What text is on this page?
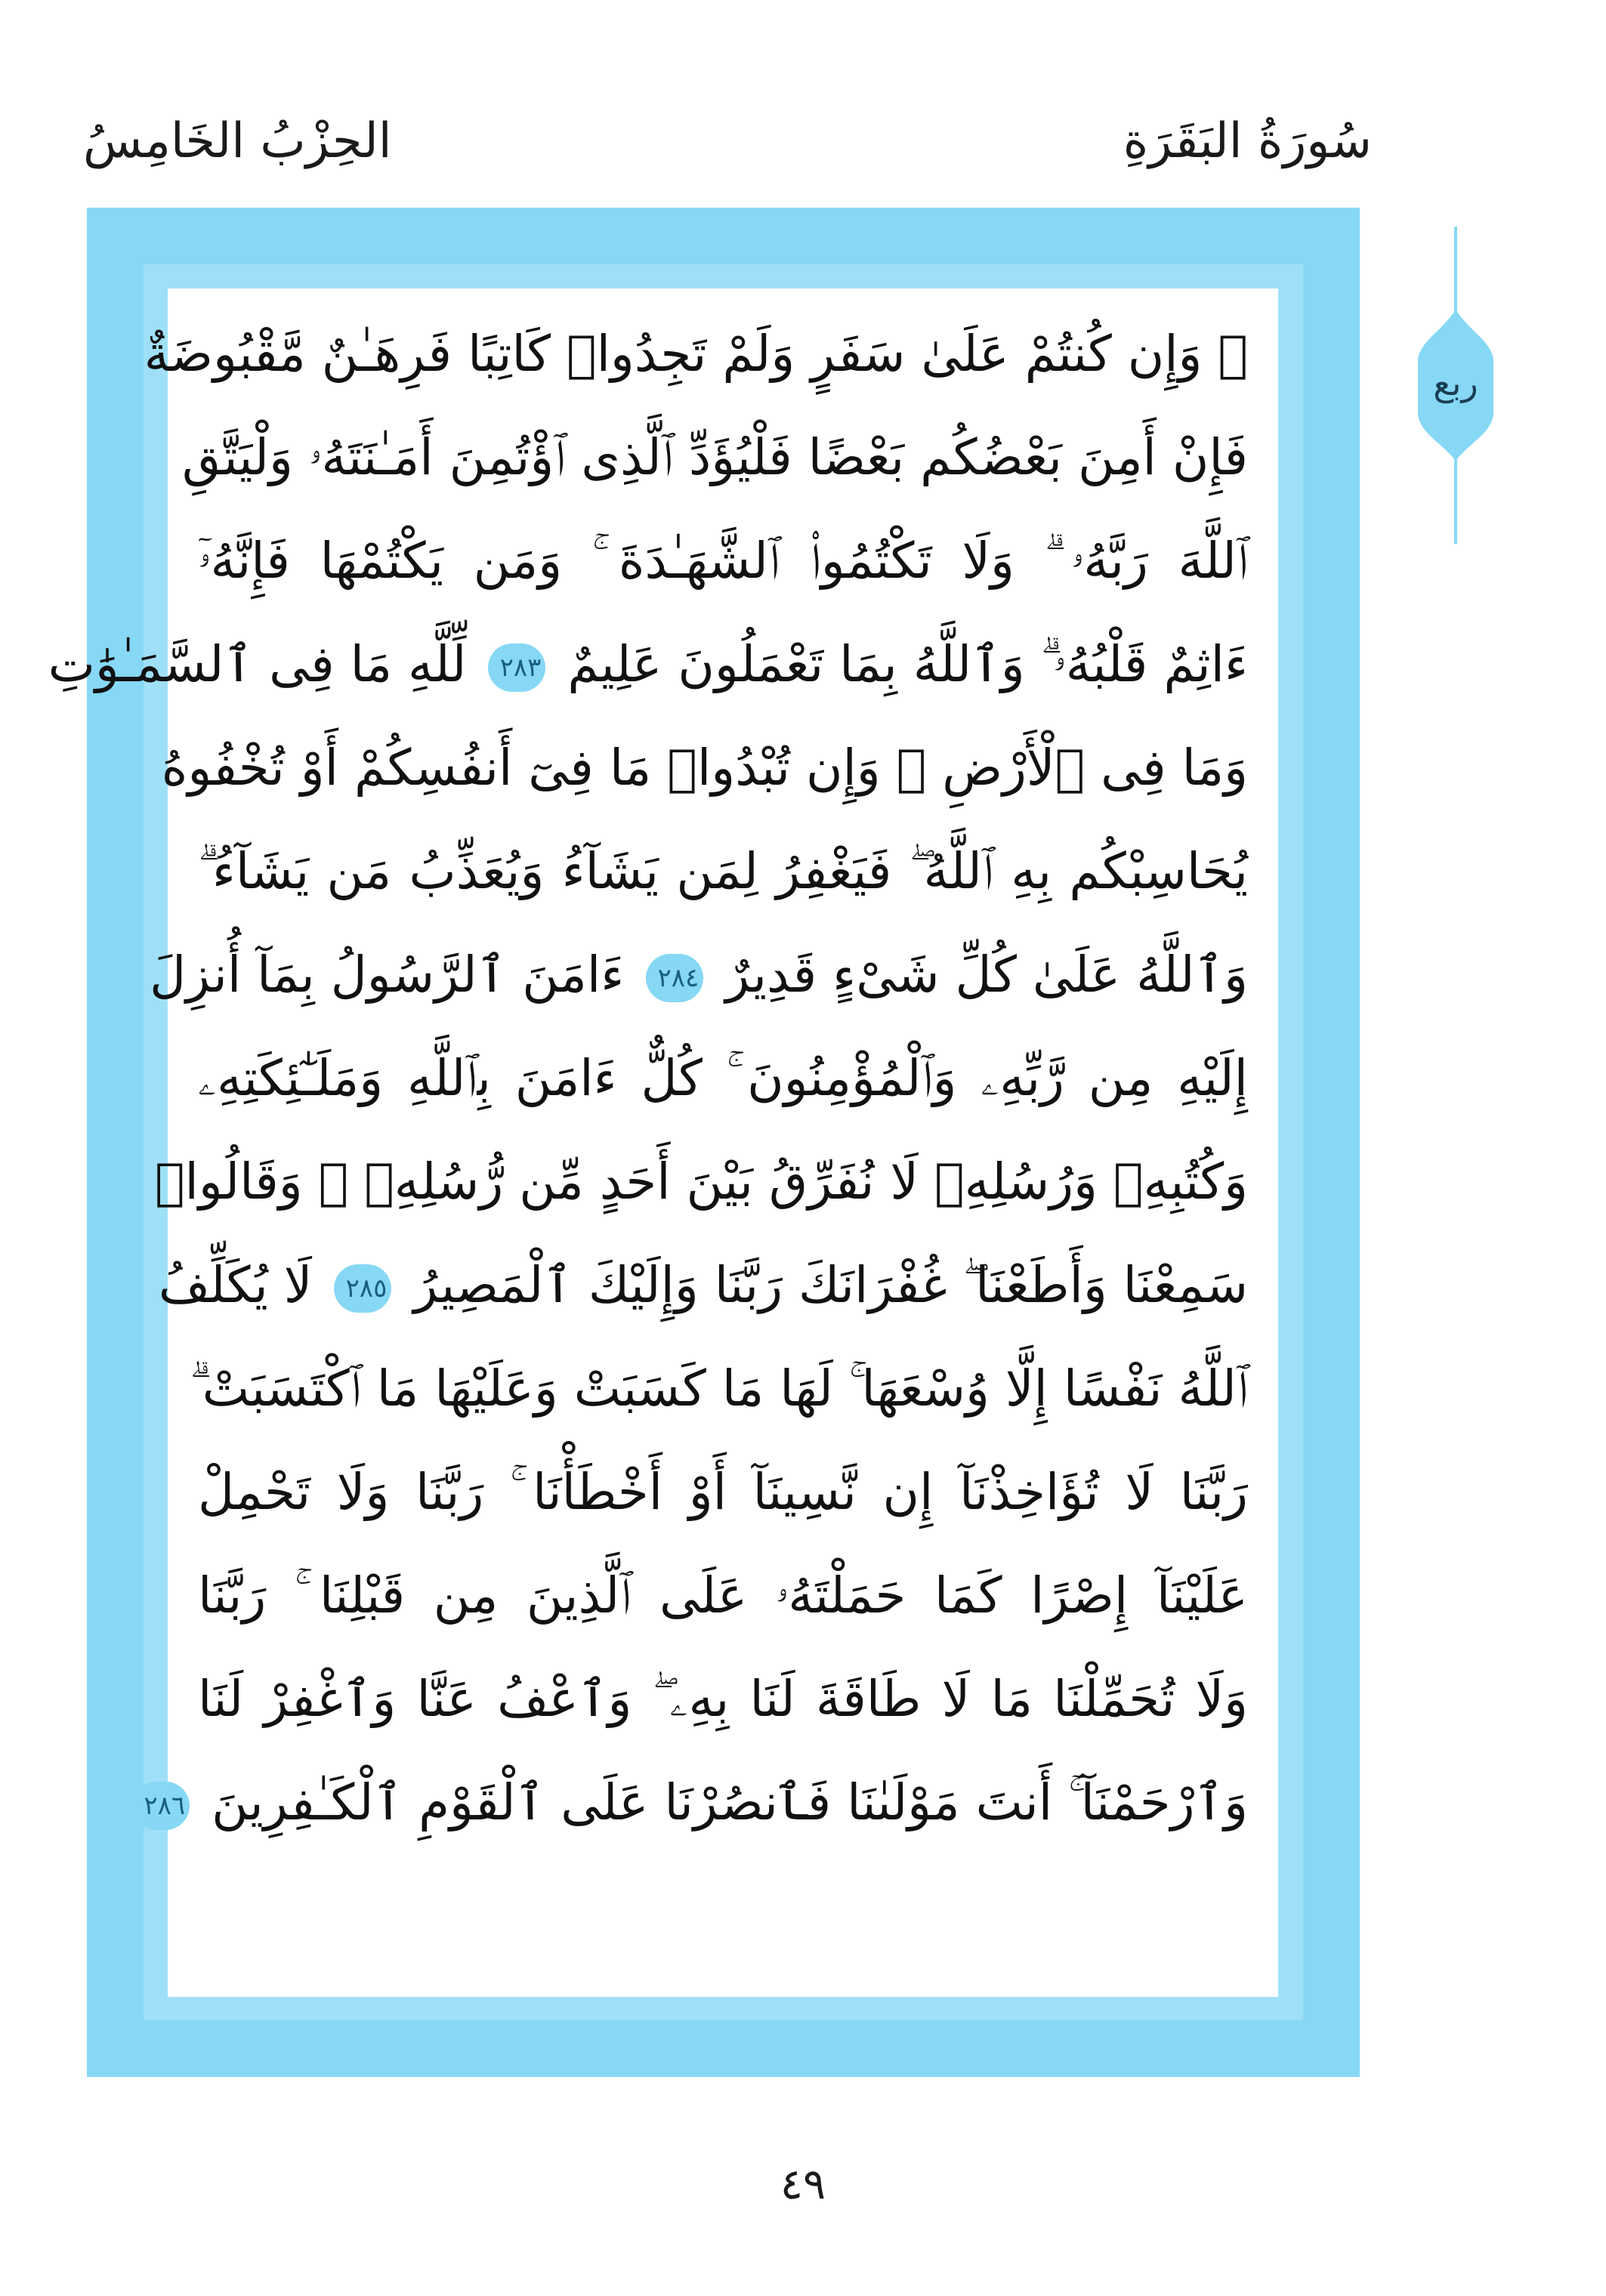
سُورَةُ البَقَرَةِ
الحِزْبُ الخَامِسُ
ربع
۞ وَإِن كُنتُمْ عَلَىٰ سَفَرٍ وَلَمْ تَجِدُوا۟ كَاتِبًا فَرِهَـٰنٌ مَّقْبُوضَةٌ
فَإِنْ أَمِنَ بَعْضُكُم بَعْضًا فَلْيُؤَدِّ ٱلَّذِى ٱؤْتُمِنَ أَمَـٰنَتَهُۥ وَلْيَتَّقِ
ٱللَّهَ رَبَّهُۥ ۗ وَلَا تَكْتُمُوا۟ ٱلشَّهَـٰدَةَ ۚ وَمَن يَكْتُمْهَا فَإِنَّهُۥٓ
ءَاثِمٌ قَلْبُهُۥ ۗ وَٱللَّهُ بِمَا تَعْمَلُونَ عَلِيمٌ ٢٨٣ لِّلَّهِ مَا فِى ٱلسَّمَـٰوَٰتِ
وَمَا فِى ٱلْأَرْضِ ۗ وَإِن تُبْدُوا۟ مَا فِىٓ أَنفُسِكُمْ أَوْ تُخْفُوهُ
يُحَاسِبْكُم بِهِ ٱللَّهُ ۖ فَيَغْفِرُ لِمَن يَشَآءُ وَيُعَذِّبُ مَن يَشَآءُ ۗ
وَٱللَّهُ عَلَىٰ كُلِّ شَىْءٍ قَدِيرٌ ٢٨٤ ءَامَنَ ٱلرَّسُولُ بِمَآ أُنزِلَ
إِلَيْهِ مِن رَّبِّهِۦ وَٱلْمُؤْمِنُونَ ۚ كُلٌّ ءَامَنَ بِٱللَّهِ وَمَلَـٰٓئِكَتِهِۦ
وَكُتُبِهِۦ وَرُسُلِهِۦ لَا نُفَرِّقُ بَيْنَ أَحَدٍ مِّن رُّسُلِهِۦ ۚ وَقَالُوا۟
سَمِعْنَا وَأَطَعْنَا ۖ غُفْرَانَكَ رَبَّنَا وَإِلَيْكَ ٱلْمَصِيرُ ٢٨٥ لَا يُكَلِّفُ
ٱللَّهُ نَفْسًا إِلَّا وُسْعَهَا ۚ لَهَا مَا كَسَبَتْ وَعَلَيْهَا مَا ٱكْتَسَبَتْ ۗ
رَبَّنَا لَا تُؤَاخِذْنَآ إِن نَّسِينَآ أَوْ أَخْطَأْنَا ۚ رَبَّنَا وَلَا تَحْمِلْ
عَلَيْنَآ إِصْرًا كَمَا حَمَلْتَهُۥ عَلَى ٱلَّذِينَ مِن قَبْلِنَا ۚ رَبَّنَا
وَلَا تُحَمِّلْنَا مَا لَا طَاقَةَ لَنَا بِهِۦ ۖ وَٱعْفُ عَنَّا وَٱغْفِرْ لَنَا
وَٱرْحَمْنَآ ۚ أَنتَ مَوْلَىٰنَا فَٱنصُرْنَا عَلَى ٱلْقَوْمِ ٱلْكَـٰفِرِينَ ٢٨٦
٤٩
